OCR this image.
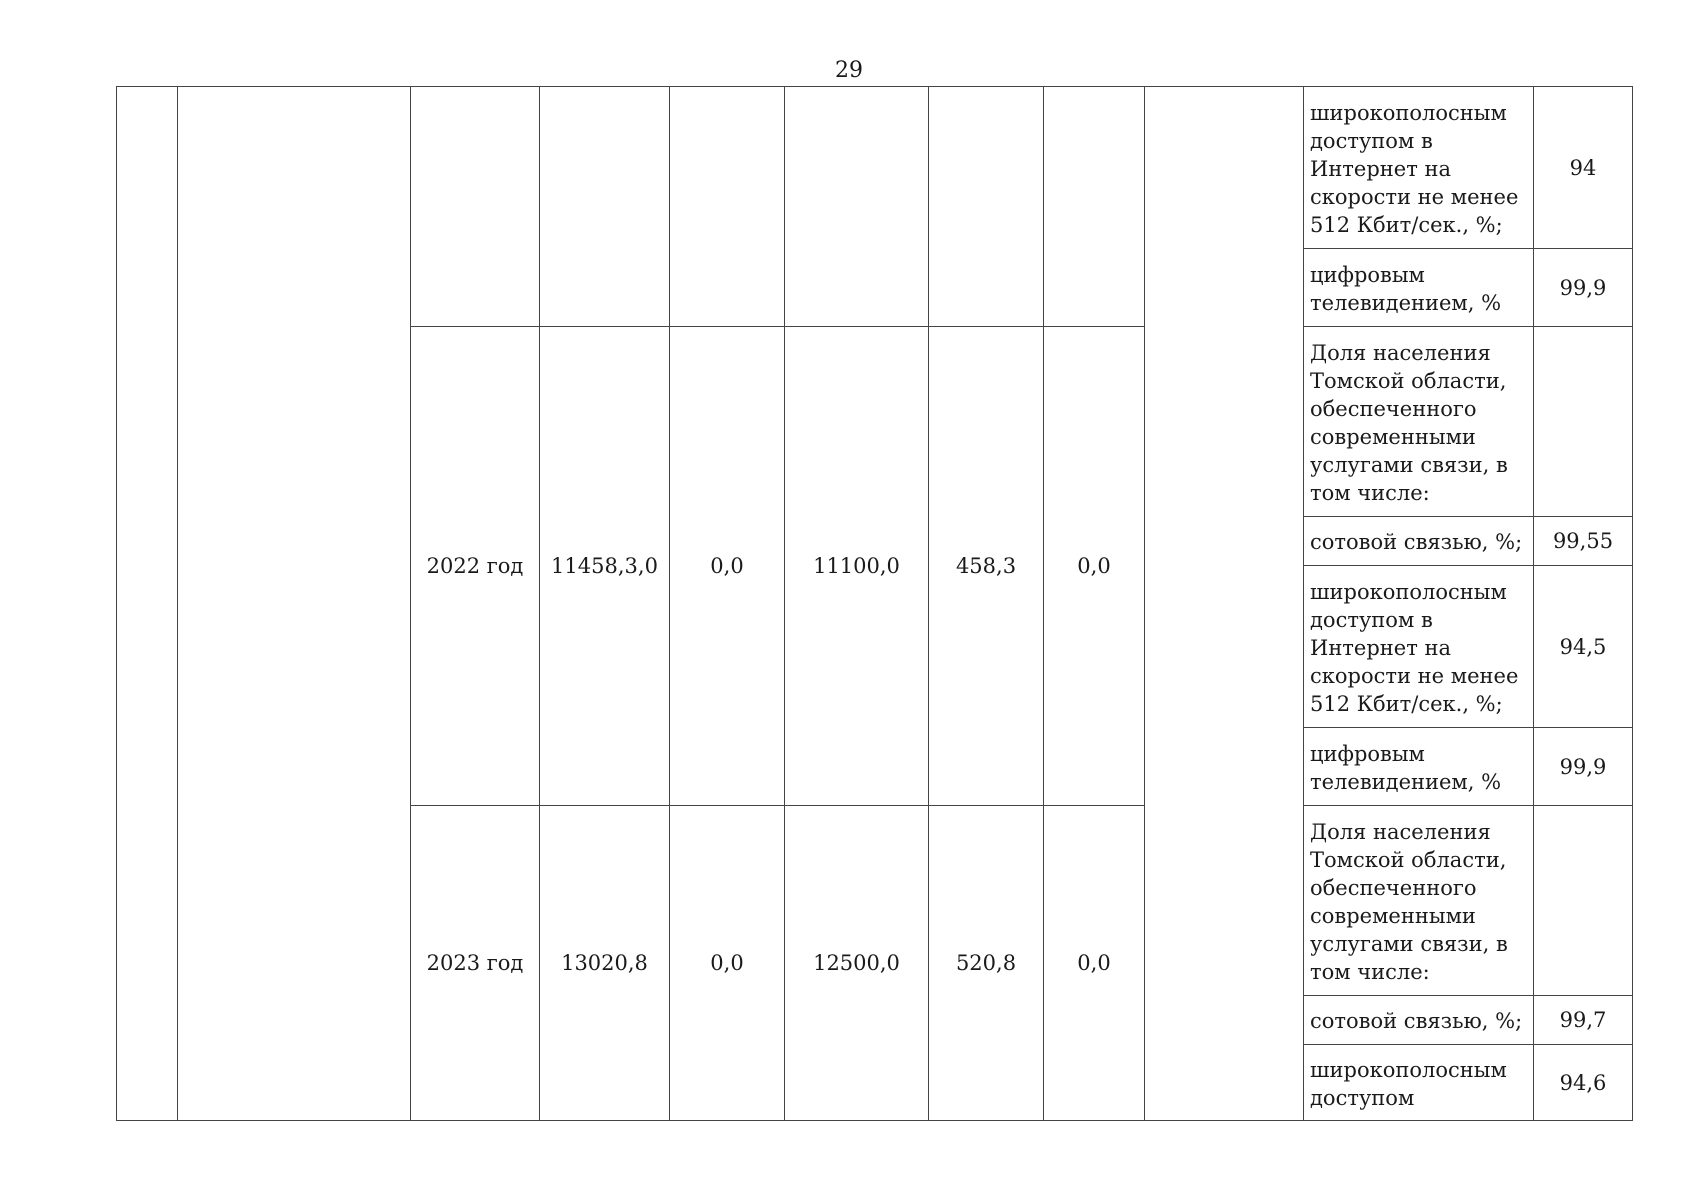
29
									широкополосным доступом в Интернет на скорости не менее 512 Кбит/сек., %;	94
									цифровым телевидением, %	99,9
		2022 год	11458,3,0	0,0	11100,0	458,3	0,0		Доля населения Томской области, обеспеченного современными услугами связи, в том числе:	
									сотовой связью, %;	99,55
									широкополосным доступом в Интернет на скорости не менее 512 Кбит/сек., %;	94,5
									цифровым телевидением, %	99,9
		2023 год	13020,8	0,0	12500,0	520,8	0,0		Доля населения Томской области, обеспеченного современными услугами связи, в том числе:	
									сотовой связью, %;	99,7
									широкополосным доступом	94,6
